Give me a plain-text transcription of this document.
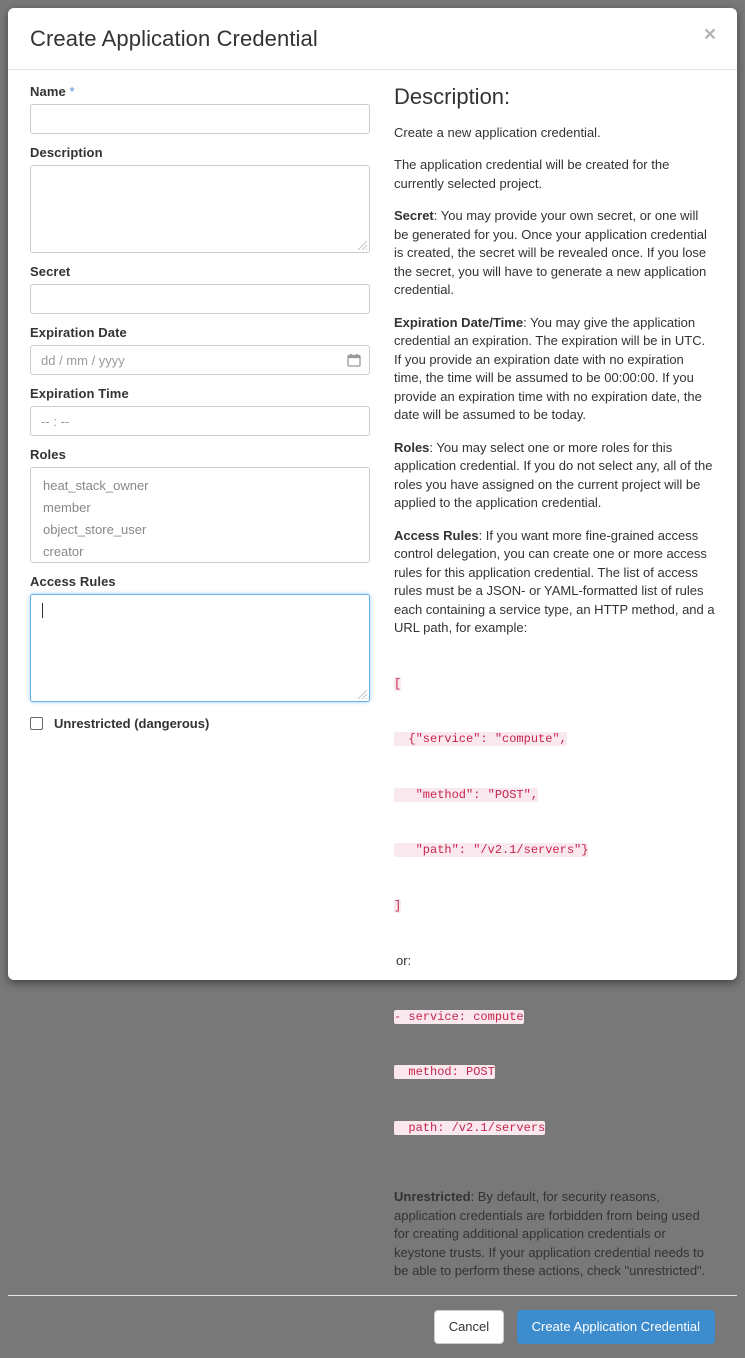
Create Application Credential	×
Name *
Description
Secret
Expiration Date
dd / mm / yyyy
Expiration Time
-- : --
Roles
heat_stack_owner
member
object_store_user
creator
Access Rules
Unrestricted (dangerous)
Description:

Create a new application credential.

The application credential will be created for the currently selected project.

Secret: You may provide your own secret, or one will be generated for you. Once your application credential is created, the secret will be revealed once. If you lose the secret, you will have to generate a new application credential.

Expiration Date/Time: You may give the application credential an expiration. The expiration will be in UTC. If you provide an expiration date with no expiration time, the time will be assumed to be 00:00:00. If you provide an expiration time with no expiration date, the date will be assumed to be today.

Roles: You may select one or more roles for this application credential. If you do not select any, all of the roles you have assigned on the current project will be applied to the application credential.

Access Rules: If you want more fine-grained access control delegation, you can create one or more access rules for this application credential. The list of access rules must be a JSON- or YAML-formatted list of rules each containing a service type, an HTTP method, and a URL path, for example:

[

{"service": "compute",

"method": "POST",

"path": "/v2.1/servers"}

]

or:

- service: compute

method: POST

path: /v2.1/servers

Unrestricted: By default, for security reasons, application credentials are forbidden from being used for creating additional application credentials or keystone trusts. If your application credential needs to be able to perform these actions, check "unrestricted".

Cancel	Create Application Credential
